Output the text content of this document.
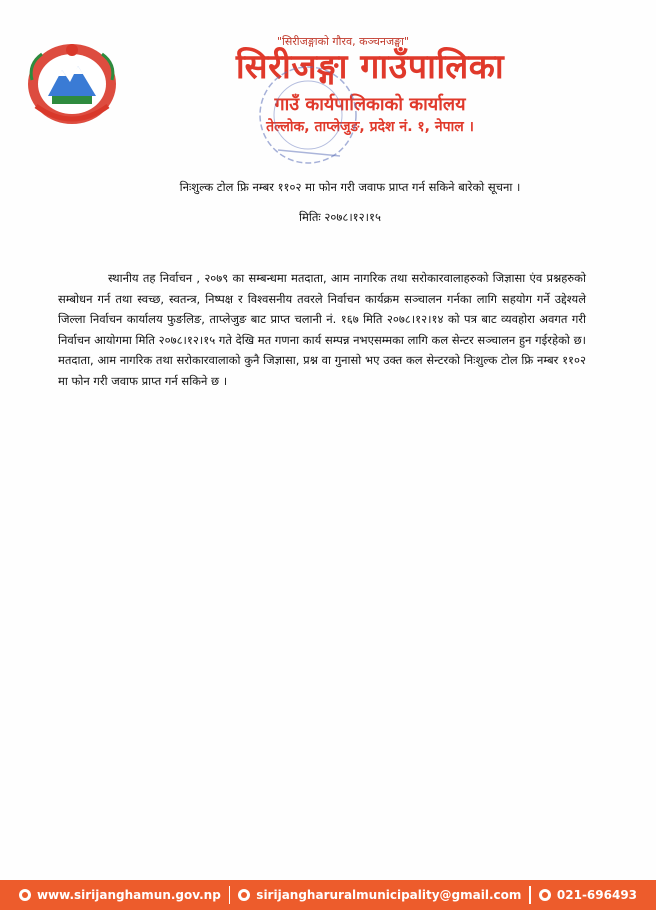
"सिरीजङ्गाको गौरव, कञ्चनजङ्घा"
सिरीजङ्गा गाउँपालिका
गाउँ कार्यपालिकाको कार्यालय
तेल्लोक, ताप्लेजुङ, प्रदेश नं. १, नेपाल ।
निःशुल्क टोल फ्रि नम्बर ११०२ मा फोन गरी जवाफ प्राप्त गर्न सकिने बारेको सूचना ।
मितिः २०७८।१२।१५

स्थानीय तह निर्वाचन , २०७९ का सम्बन्धमा मतदाता, आम नागरिक तथा सरोकारवालाहरुको जिज्ञासा एंव प्रश्नहरुको सम्बोधन गर्न तथा स्वच्छ, स्वतन्त्र, निष्पक्ष र विश्वसनीय तवरले निर्वाचन कार्यक्रम सञ्चालन गर्नका लागि सहयोग गर्ने उद्देश्यले जिल्ला निर्वाचन कार्यालय फुङलिङ, ताप्लेजुङ बाट प्राप्त चलानी नं. १६७ मिति २०७८।१२।१४ को पत्र बाट व्यवहोरा अवगत गरी निर्वाचन आयोगमा मिति २०७८।१२।१५ गते देखि मत गणना कार्य सम्पन्न नभएसम्मका लागि कल सेन्टर सञ्चालन हुन गईरहेको छ। मतदाता, आम नागरिक तथा सरोकारवालाको कुनै जिज्ञासा, प्रश्न वा गुनासो भए उक्त कल सेन्टरको निःशुल्क टोल फ्रि नम्बर ११०२ मा फोन गरी जवाफ प्राप्त गर्न सकिने छ ।

www.sirijanghamun.gov.np	sirijangharuralmunicipality@gmail.com	021-696493
